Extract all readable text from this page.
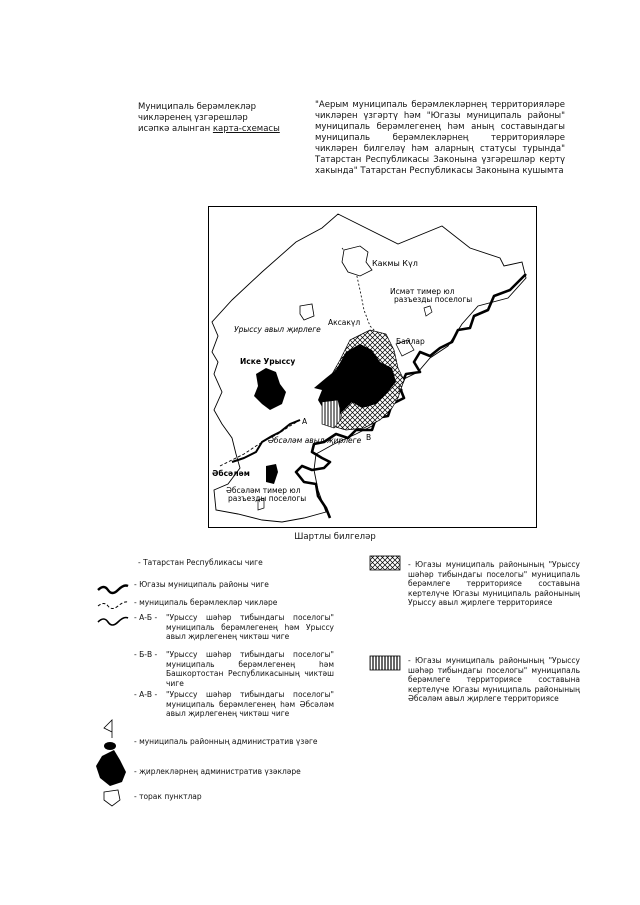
Муниципаль берәмлекләр
чикләренең үзгәрешләр
исәпкә алынган карта-схемасы
"Аерым муниципаль берәмлекләрнең территорияләре чикләрен үзгәртү һәм "Югазы муниципаль районы" муниципаль берәмлегенең һәм аның составындагы муниципаль берәмлекләрнең территорияләре чикләрен билгеләү һәм аларның статусы турында" Татарстан Республикасы Законына үзгәрешләр кертү хакында" Татарстан Республикасы Законына кушымта
Какмы Күл
Исмәт тимер юл
разъезды поселогы
Урыссу авыл җирлеге
Аксакүл
Байлар
Иске Урыссу
Әбсәләм авыл җирлеге
Әбсәләм
Әбсәләм тимер юл
разъезды поселогы
А
Б
В
Шартлы билгеләр
- Татарстан Республикасы чиге
- Югазы муниципаль районы чиге
- муниципаль берәмлекләр чикләре
- А-Б - "Урыссу шәһәр тибындагы поселогы" муниципаль берәмлегенең һәм Урыссу авыл җирлегенең чиктәш чиге
- Б-В - "Урыссу шәһәр тибындагы поселогы" муниципаль берәмлегенең һәм Башкортостан Республикасының чиктәш чиге
- А-В - "Урыссу шәһәр тибындагы поселогы" муниципаль берәмлегенең һәм Әбсәләм авыл җирлегенең чиктәш чиге
- муниципаль районның административ үзәге
- җирлекләрнең административ үзәкләре
- торак пунктлар
- Югазы муниципаль районының "Урыссу шәһәр тибындагы поселогы" муниципаль берәмлеге территориясе составына кертелүче Югазы муниципаль районының Урыссу авыл җирлеге территориясе
- Югазы муниципаль районының "Урыссу шәһәр тибындагы поселогы" муниципаль берәмлеге территориясе составына кертелүче Югазы муниципаль районының Әбсәләм авыл җирлеге территориясе
